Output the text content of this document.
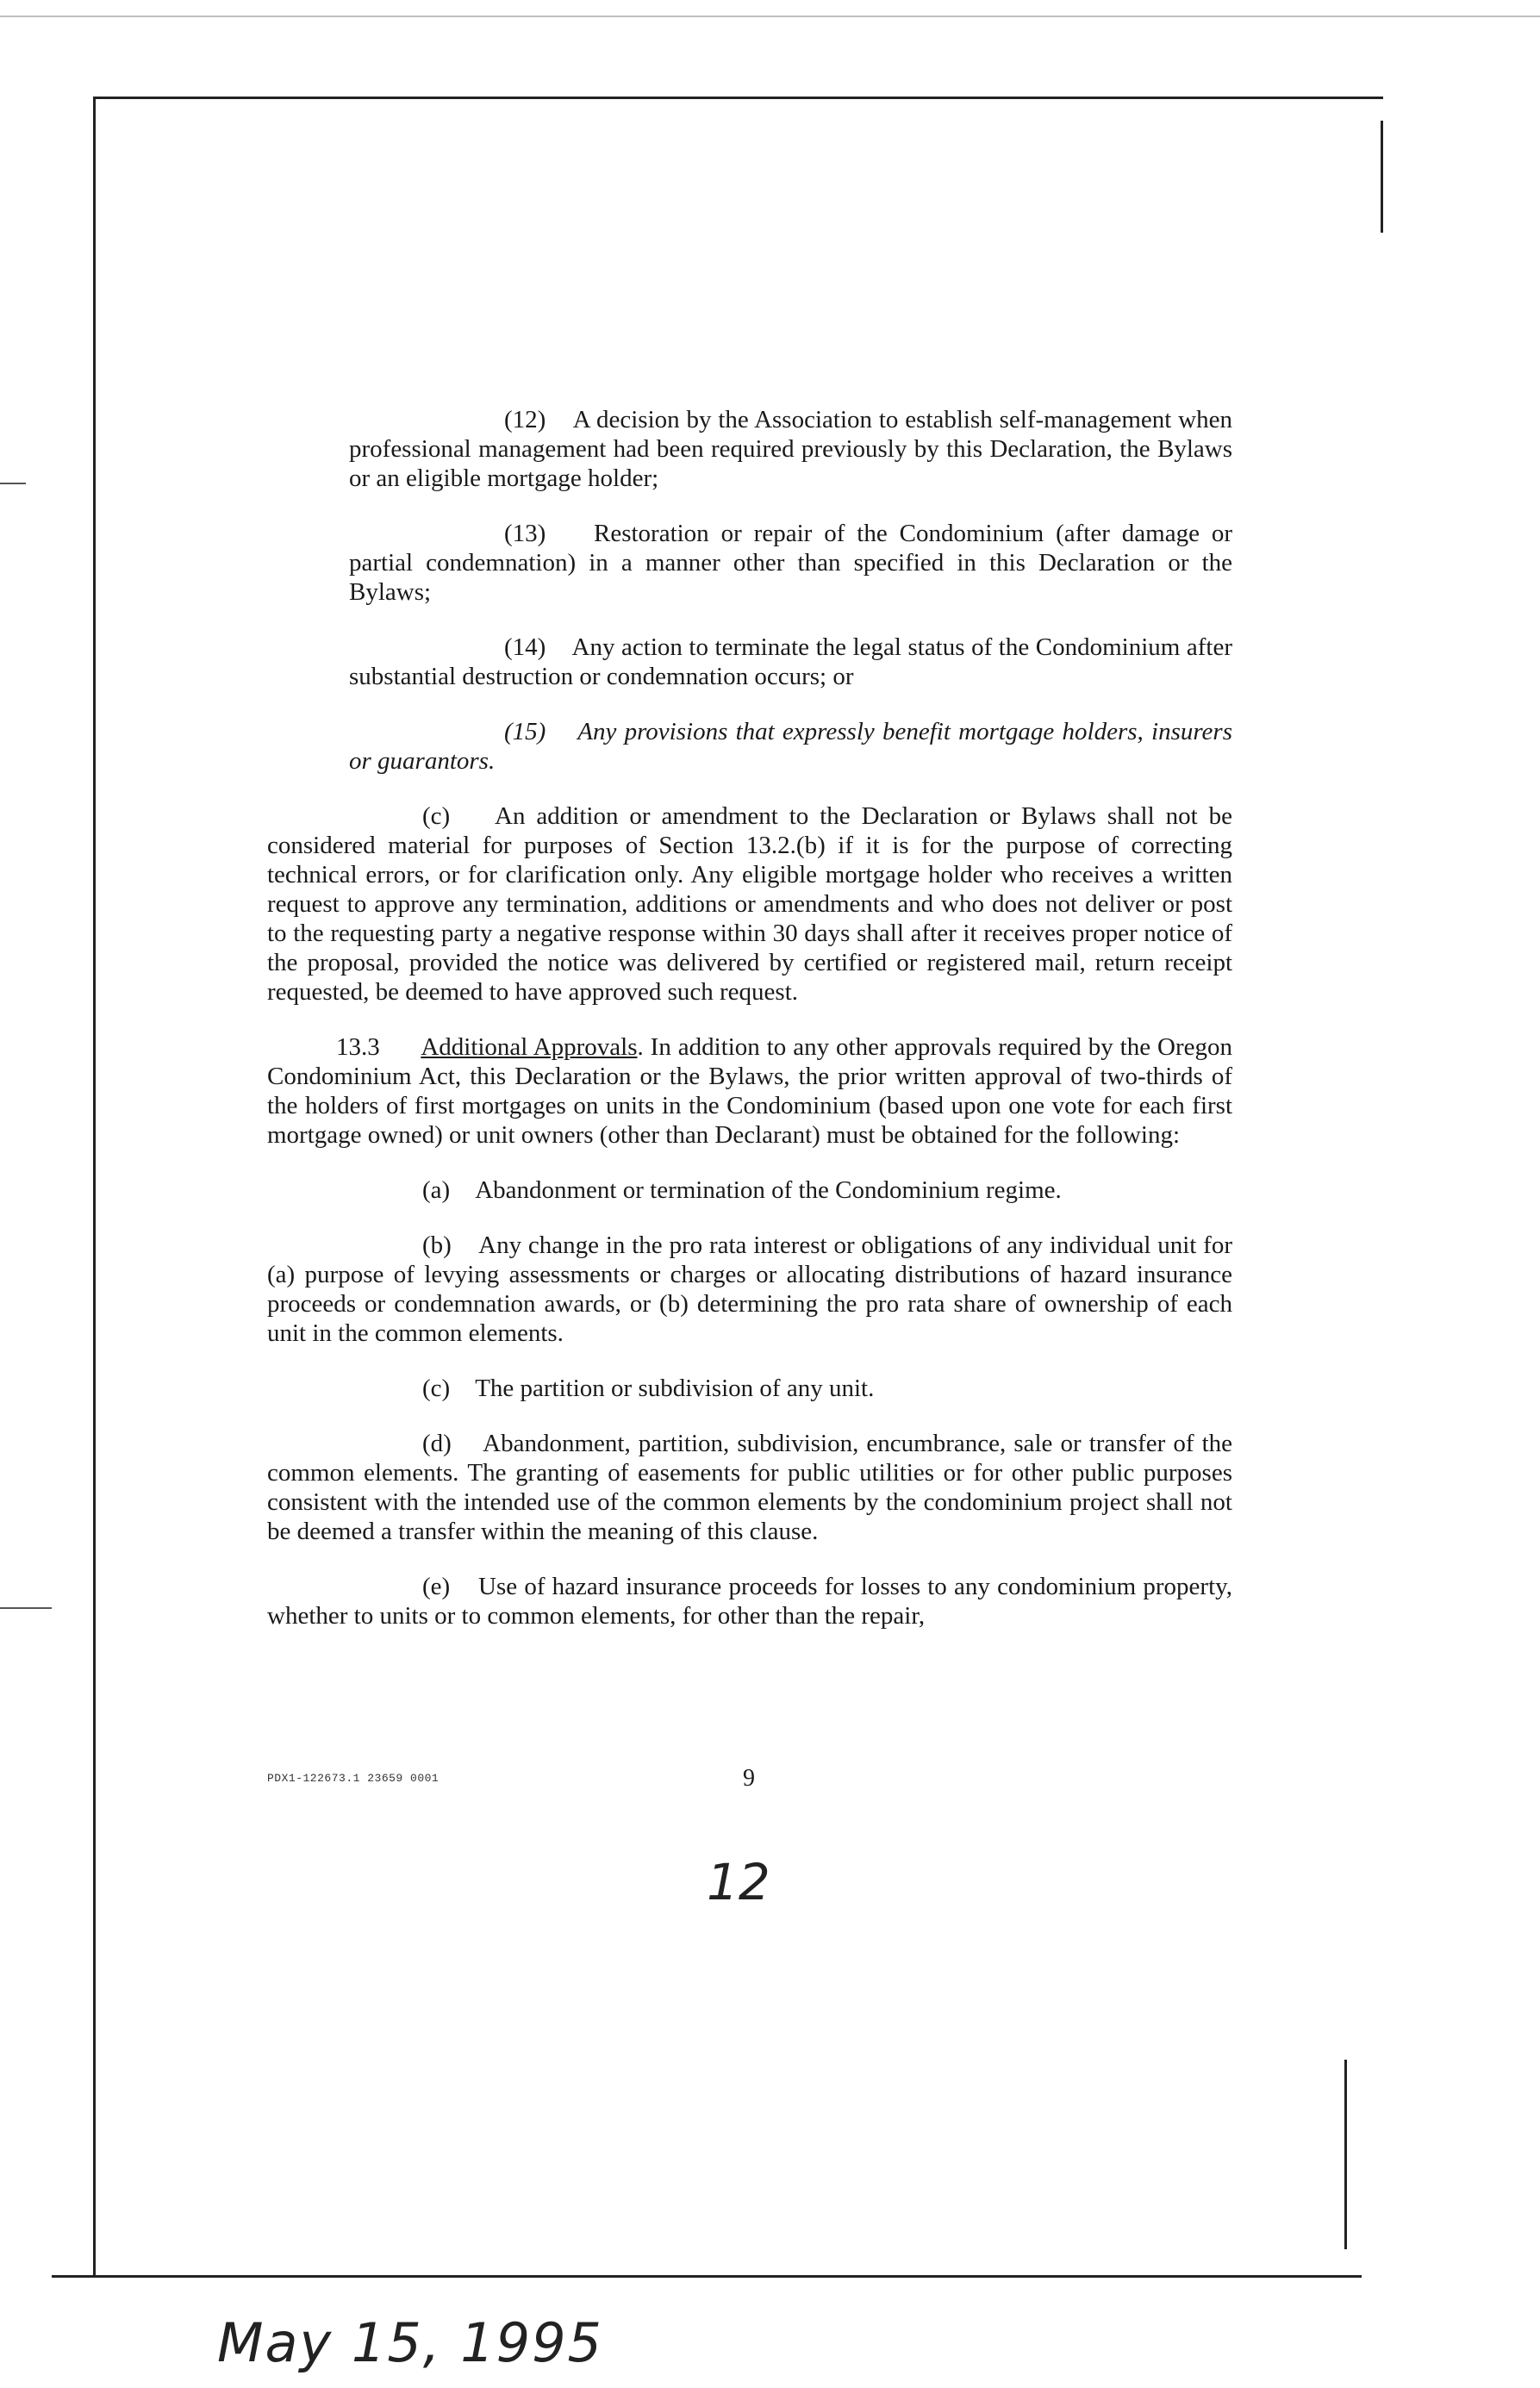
(12) A decision by the Association to establish self-management when professional management had been required previously by this Declaration, the Bylaws or an eligible mortgage holder;

(13) Restoration or repair of the Condominium (after damage or partial condemnation) in a manner other than specified in this Declaration or the Bylaws;

(14) Any action to terminate the legal status of the Condominium after substantial destruction or condemnation occurs; or

(15) Any provisions that expressly benefit mortgage holders, insurers or guarantors.

(c) An addition or amendment to the Declaration or Bylaws shall not be considered material for purposes of Section 13.2.(b) if it is for the purpose of correcting technical errors, or for clarification only. Any eligible mortgage holder who receives a written request to approve any termination, additions or amendments and who does not deliver or post to the requesting party a negative response within 30 days shall after it receives proper notice of the proposal, provided the notice was delivered by certified or registered mail, return receipt requested, be deemed to have approved such request.

13.3 Additional Approvals. In addition to any other approvals required by the Oregon Condominium Act, this Declaration or the Bylaws, the prior written approval of two-thirds of the holders of first mortgages on units in the Condominium (based upon one vote for each first mortgage owned) or unit owners (other than Declarant) must be obtained for the following:

(a) Abandonment or termination of the Condominium regime.

(b) Any change in the pro rata interest or obligations of any individual unit for (a) purpose of levying assessments or charges or allocating distributions of hazard insurance proceeds or condemnation awards, or (b) determining the pro rata share of ownership of each unit in the common elements.

(c) The partition or subdivision of any unit.

(d) Abandonment, partition, subdivision, encumbrance, sale or transfer of the common elements. The granting of easements for public utilities or for other public purposes consistent with the intended use of the common elements by the condominium project shall not be deemed a transfer within the meaning of this clause.

(e) Use of hazard insurance proceeds for losses to any condominium property, whether to units or to common elements, for other than the repair,

PDX1-122673.1 23659 0001	9
12
May 15, 1995
